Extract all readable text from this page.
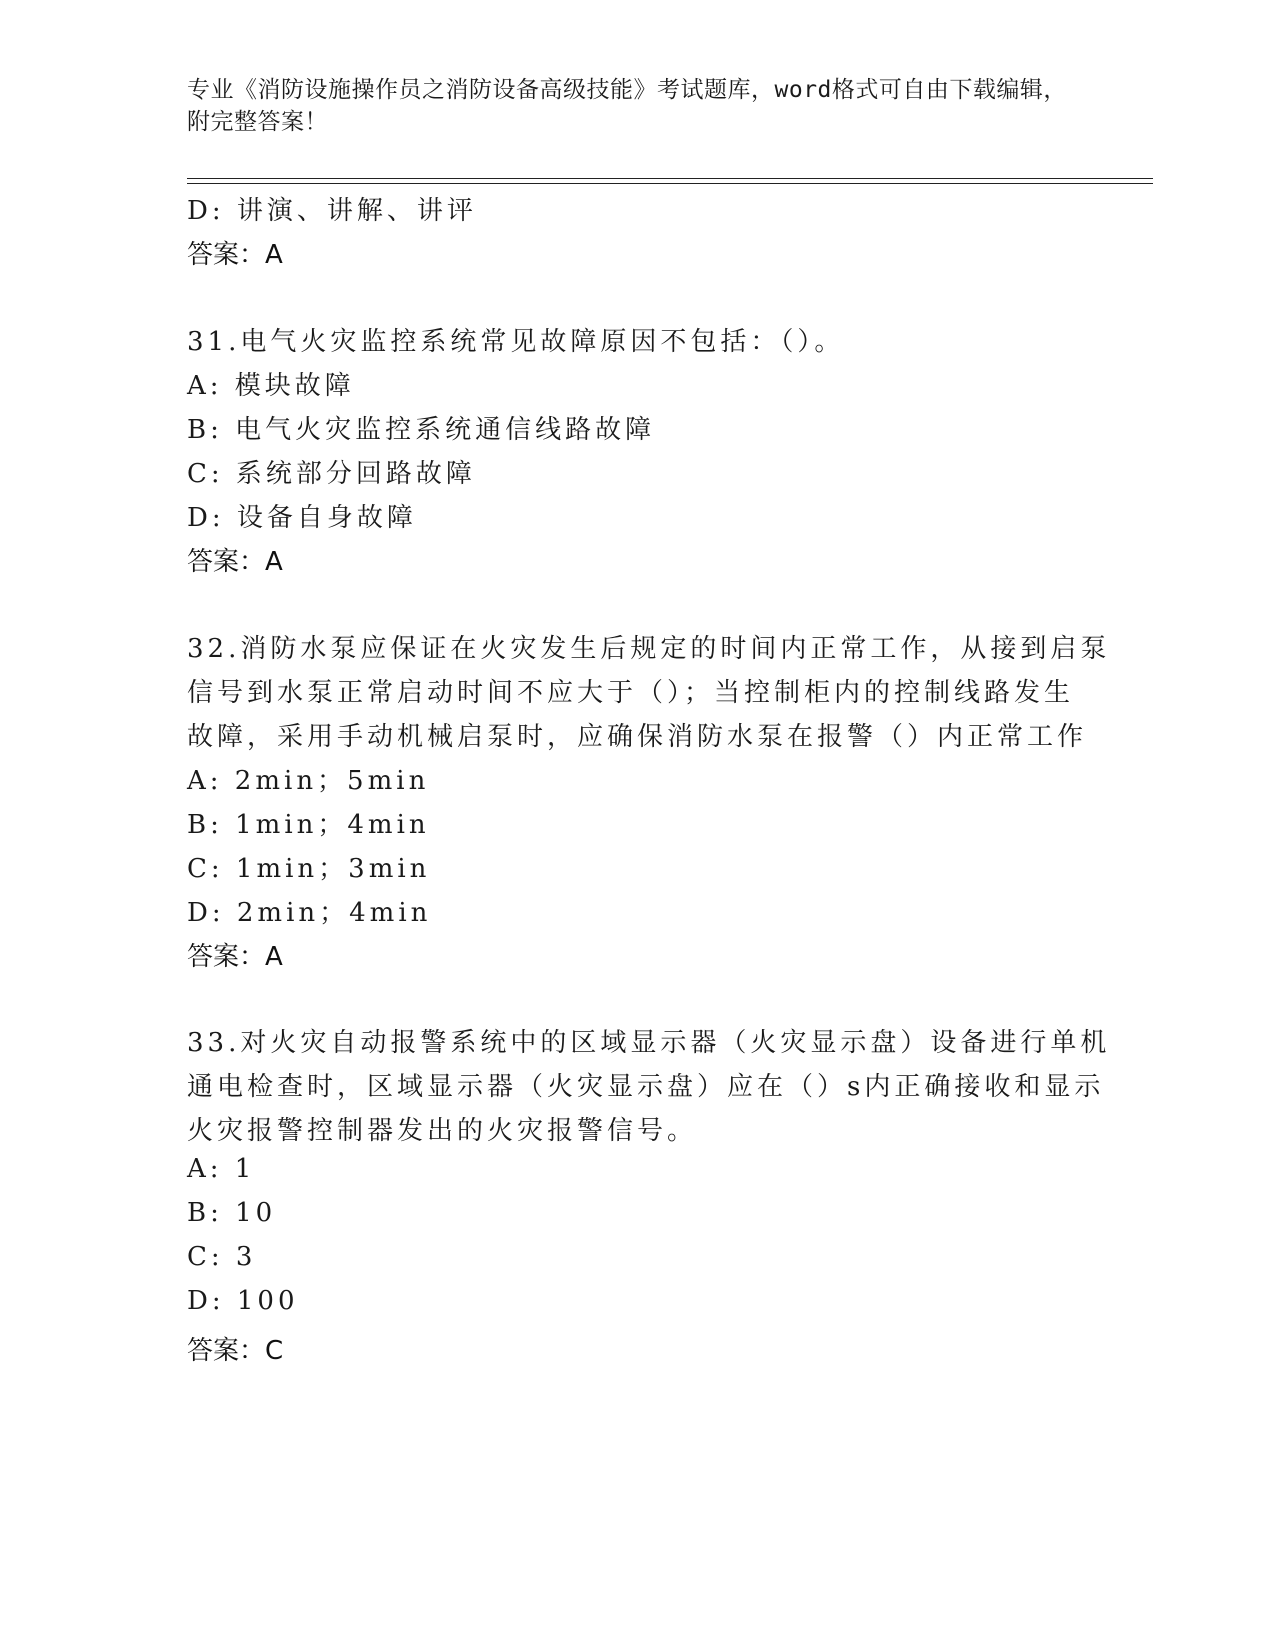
专业《消防设施操作员之消防设备高级技能》考试题库，word格式可自由下载编辑，附完整答案！
D: 讲演、讲解、讲评
答案：A
31.电气火灾监控系统常见故障原因不包括：（）。
A: 模块故障
B: 电气火灾监控系统通信线路故障
C: 系统部分回路故障
D: 设备自身故障
答案：A
32.消防水泵应保证在火灾发生后规定的时间内正常工作，从接到启泵
信号到水泵正常启动时间不应大于（）；当控制柜内的控制线路发生
故障，采用手动机械启泵时，应确保消防水泵在报警（）内正常工作
A: 2min；5min
B: 1min；4min
C: 1min；3min
D: 2min；4min
答案：A
33.对火灾自动报警系统中的区域显示器（火灾显示盘）设备进行单机
通电检查时，区域显示器（火灾显示盘）应在（）s内正确接收和显示
火灾报警控制器发出的火灾报警信号。
A: 1
B: 10
C: 3
D: 100
答案：C
